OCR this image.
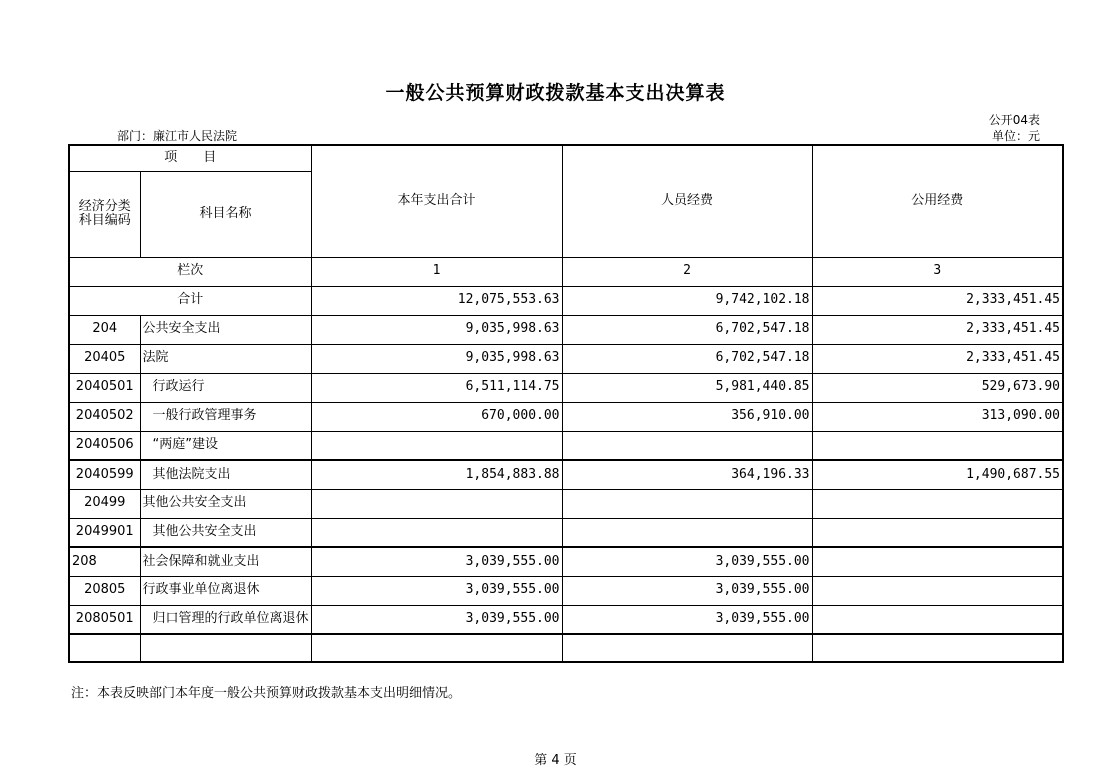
一般公共预算财政拨款基本支出决算表
公开04表
部门：廉江市人民法院	单位：元
项　　目		本年支出合计	人员经费	公用经费

经济分类
科目编码	科目名称			
栏次		1	2	3
合计		12,075,553.63	9,742,102.18	2,333,451.45
204	公共安全支出	9,035,998.63	6,702,547.18	2,333,451.45
20405	法院	9,035,998.63	6,702,547.18	2,333,451.45
2040501	行政运行	6,511,114.75	5,981,440.85	529,673.90
2040502	一般行政管理事务	670,000.00	356,910.00	313,090.00
2040506	“两庭”建设			
2040599	其他法院支出	1,854,883.88	364,196.33	1,490,687.55
20499	其他公共安全支出			
2049901	其他公共安全支出			
208	社会保障和就业支出	3,039,555.00	3,039,555.00	
20805	行政事业单位离退休	3,039,555.00	3,039,555.00	
2080501	归口管理的行政单位离退休	3,039,555.00	3,039,555.00	

注：本表反映部门本年度一般公共预算财政拨款基本支出明细情况。
第 4 页
